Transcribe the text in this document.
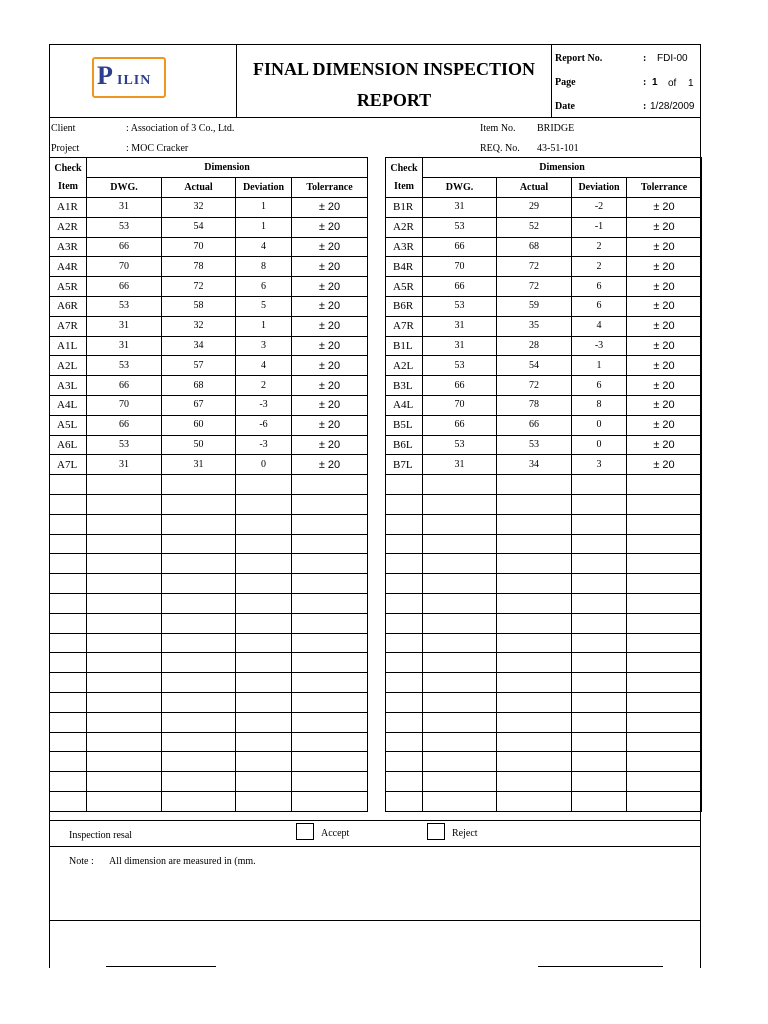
P ILIN
FINAL DIMENSION INSPECTION
REPORT
Report No.	: FDI-00
Page	: 1 of 1
Date	: 1/28/2009
Client	: Association of 3 Co., Ltd.
Project	: MOC Cracker
Item No. BRIDGE
REQ. No. 43-51-101
Check
Item	Dimension			
	DWG.	Actual	Deviation	Tolerrance
A1R	31	32	1	± 20
A2R	53	54	1	± 20
A3R	66	70	4	± 20
A4R	70	78	8	± 20
A5R	66	72	6	± 20
A6R	53	58	5	± 20
A7R	31	32	1	± 20
A1L	31	34	3	± 20
A2L	53	57	4	± 20
A3L	66	68	2	± 20
A4L	70	67	-3	± 20
A5L	66	60	-6	± 20
A6L	53	50	-3	± 20
A7L	31	31	0	± 20

Check
Item	Dimension			
	DWG.	Actual	Deviation	Tolerrance
B1R	31	29	-2	± 20
A2R	53	52	-1	± 20
A3R	66	68	2	± 20
B4R	70	72	2	± 20
A5R	66	72	6	± 20
B6R	53	59	6	± 20
A7R	31	35	4	± 20
B1L	31	28	-3	± 20
A2L	53	54	1	± 20
B3L	66	72	6	± 20
A4L	70	78	8	± 20
B5L	66	66	0	± 20
B6L	53	53	0	± 20
B7L	31	34	3	± 20

Inspection resal	Accept	Reject
Note : All dimension are measured in (mm.
